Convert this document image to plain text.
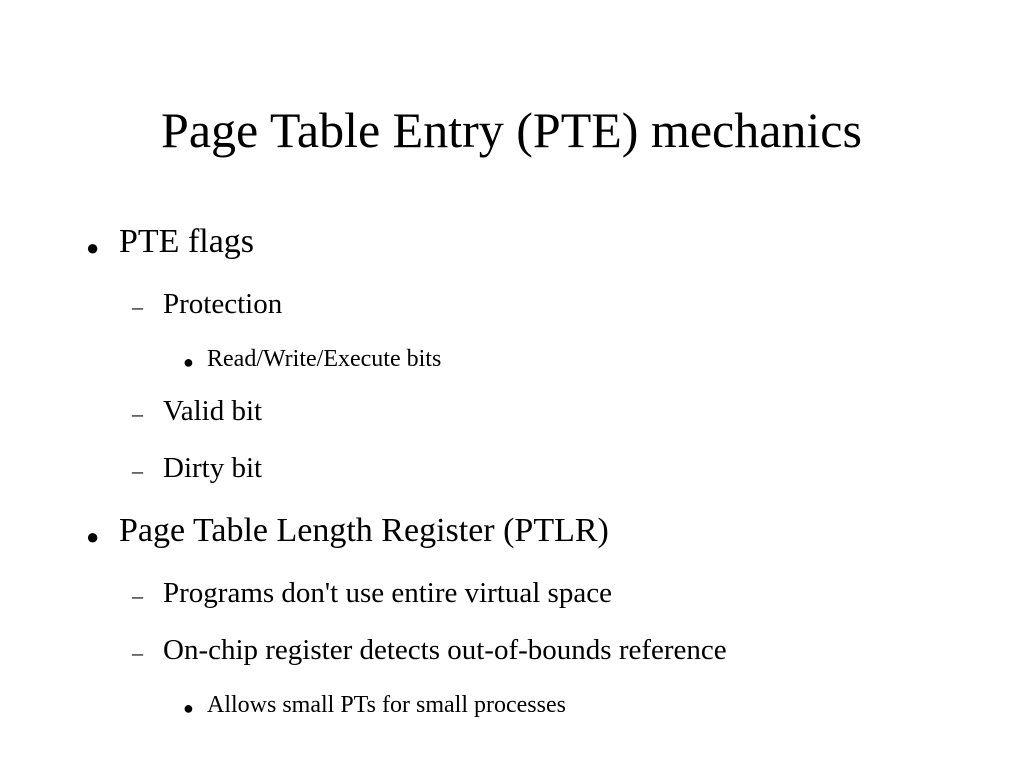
Page Table Entry (PTE) mechanics
● PTE flags
– Protection
● Read/Write/Execute bits
– Valid bit
– Dirty bit
● Page Table Length Register (PTLR)
– Programs don't use entire virtual space
– On-chip register detects out-of-bounds reference
● Allows small PTs for small processes
